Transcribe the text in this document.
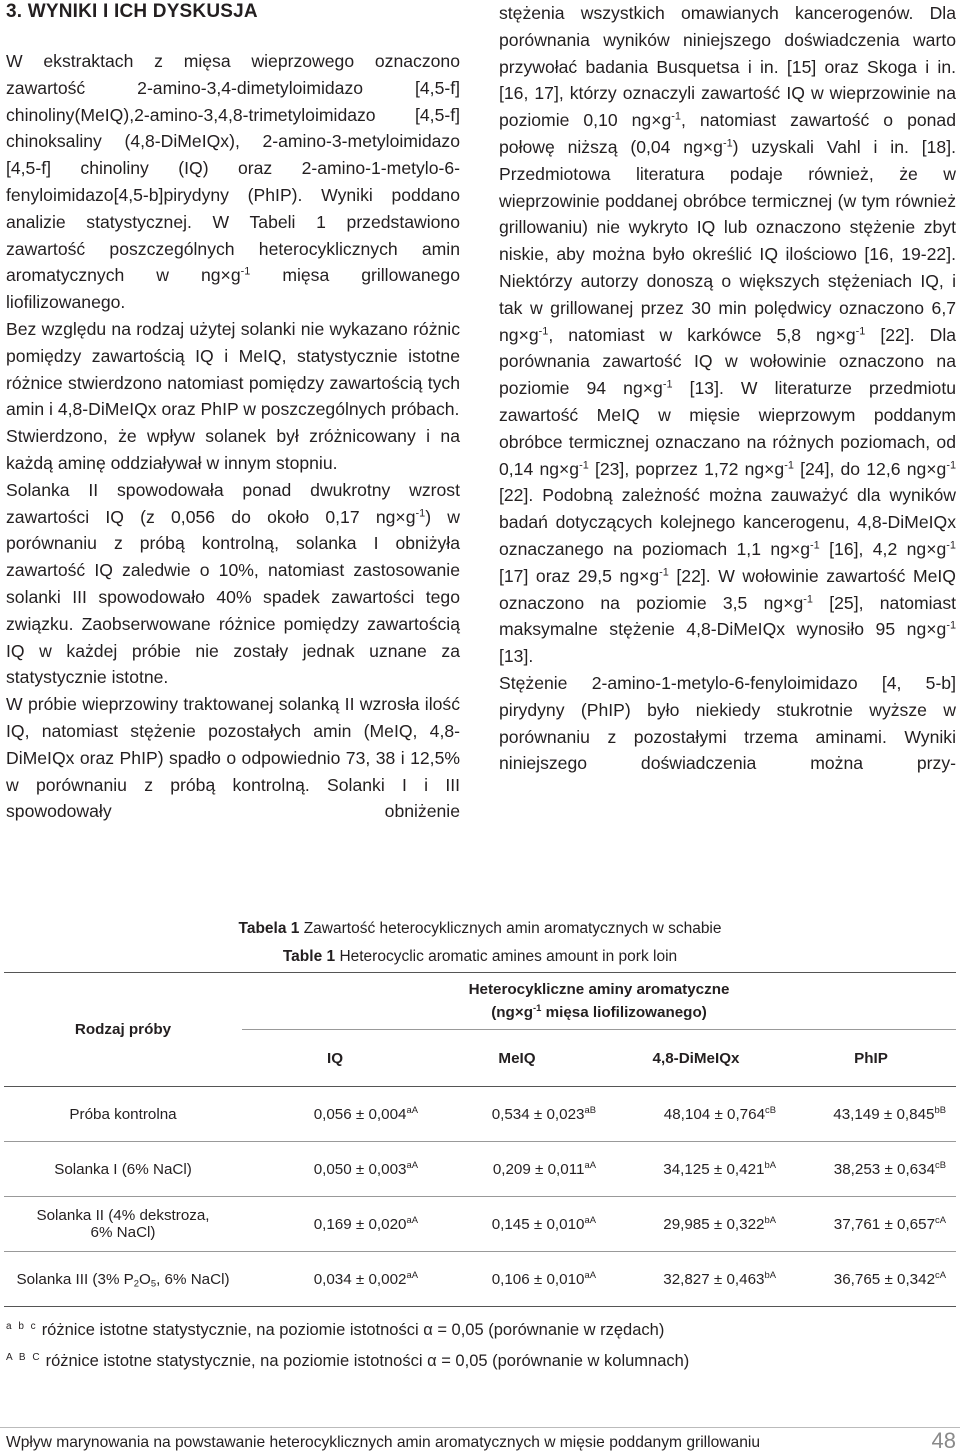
3. WYNIKI I ICH DYSKUSJA

W ekstraktach z mięsa wieprzowego oznaczono zawartość 2-amino-3,4-dimetyloimidazo [4,5-f] chinoliny(MeIQ),2-amino-3,4,8-trimetyloimidazo [4,5-f] chinoksaliny (4,8-DiMeIQx), 2-amino-3-metyloimidazo [4,5-f] chinoliny (IQ) oraz 2-amino-1-metylo-6-fenyloimidazo[4,5-b]pirydyny (PhIP). Wyniki poddano analizie statystycznej. W Tabeli 1 przedstawiono zawartość poszczególnych heterocyklicznych amin aromatycznych w $ng\times g^{-1}$ mięsa grillowanego liofilizowanego.

Bez względu na rodzaj użytej solanki nie wykazano różnic pomiędzy zawartością IQ i MeIQ, statystycznie istotne różnice stwierdzono natomiast pomiędzy zawartością tych amin i 4,8-DiMeIQx oraz PhIP w poszczególnych próbach.

Stwierdzono, że wpływ solanek był zróżnicowany i na każdą aminę oddziaływał w innym stopniu.

Solanka II spowodowała ponad dwukrotny wzrost zawartości IQ (z 0,056 do około 0,17 $ng\times g^{-1}$) w porównaniu z próbą kontrolną, solanka I obniżyła zawartość IQ zaledwie o 10%, natomiast zastosowanie solanki III spowodowało 40% spadek zawartości tego związku. Zaobserwowane różnice pomiędzy zawartością IQ w każdej próbie nie zostały jednak uznane za statystycznie istotne.

W próbie wieprzowiny traktowanej solanką II wzrosła ilość IQ, natomiast stężenie pozostałych amin (MeIQ, 4,8-DiMeIQx oraz PhIP) spadło o odpowiednio 73, 38 i 12,5% w porównaniu z próbą kontrolną. Solanki I i III spowodowały obniżenie

stężenia wszystkich omawianych kancerogenów. Dla porównania wyników niniejszego doświadczenia warto przywołać badania Busquetsa i in. [15] oraz Skoga i in. [16, 17], którzy oznaczyli zawartość IQ w wieprzowinie na poziomie 0,10 $ng\times g^{-1}$, natomiast zawartość o ponad połowę niższą (0,04 $ng\times g^{-1}$) uzyskali Vahl i in. [18]. Przedmiotowa literatura podaje również, że w wieprzowinie poddanej obróbce termicznej (w tym również grillowaniu) nie wykryto IQ lub oznaczono stężenie zbyt niskie, aby można było określić IQ ilościowo [16, 19-22]. Niektórzy autorzy donoszą o większych stężeniach IQ, i tak w grillowanej przez 30 min polędwicy oznaczono 6,7 $ng\times g^{-1}$, natomiast w karkówce 5,8 $ng\times g^{-1}$ [22]. Dla porównania zawartość IQ w wołowinie oznaczono na poziomie 94 $ng\times g^{-1}$ [13]. W literaturze przedmiotu zawartość MeIQ w mięsie wieprzowym poddanym obróbce termicznej oznaczano na różnych poziomach, od 0,14 $ng\times g^{-1}$ [23], poprzez 1,72 $ng\times g^{-1}$ [24], do 12,6 $ng\times g^{-1}$ [22]. Podobną zależność można zauważyć dla wyników badań dotyczących kolejnego kancerogenu, 4,8-DiMeIQx oznaczanego na poziomach 1,1 $ng\times g^{-1}$ [16], 4,2 $ng\times g^{-1}$ [17] oraz 29,5 $ng\times g^{-1}$ [22]. W wołowinie zawartość MeIQ oznaczono na poziomie 3,5 $ng\times g^{-1}$ [25], natomiast maksymalne stężenie 4,8-DiMeIQx wynosiło 95 $ng\times g^{-1}$ [13].

Stężenie 2-amino-1-metylo-6-fenyloimidazo [4, 5-b] pirydyny (PhIP) było niekiedy stukrotnie wyższe w porównaniu z pozostałymi trzema aminami. Wyniki niniejszego doświadczenia można przy-

Tabela 1 Zawartość heterocyklicznych amin aromatycznych w schabie
Table 1 Heterocyclic aromatic amines amount in pork loin
Rodzaj próby	Heterocykliczne aminy aromatyczne
($ng\times g^{-1}$ mięsa liofilizowanego)			

	IQ	MeIQ	4,8-DiMeIQx	PhIP
Próba kontrolna	$0,056 \pm 0,004^{aA}$	$0,534 \pm 0,023^{aB}$	$48,104 \pm 0,764^{cB}$	$43,149 \pm 0,845^{bB}$
Solanka I (6% NaCl)	$0,050 \pm 0,003^{aA}$	$0,209 \pm 0,011^{aA}$	$34,125 \pm 0,421^{bA}$	$38,253 \pm 0,634^{cB}$

Solanka II (4% dekstroza,
6% NaCl)	$0,169 \pm 0,020^{aA}$	$0,145 \pm 0,010^{aA}$	$29,985 \pm 0,322^{bA}$	$37,761 \pm 0,657^{cA}$
Solanka III (3% $P_2O_5$, 6% NaCl)	$0,034 \pm 0,002^{aA}$	$0,106 \pm 0,010^{aA}$	$32,827 \pm 0,463^{bA}$	$36,765 \pm 0,342^{cA}$
$^{a b c}$ różnice istotne statystycznie, na poziomie istotności α = 0,05 (porównanie w rzędach)
$^{A B C}$ różnice istotne statystycznie, na poziomie istotności α = 0,05 (porównanie w kolumnach)
Wpływ marynowania na powstawanie heterocyklicznych amin aromatycznych w mięsie poddanym grillowaniu	48
